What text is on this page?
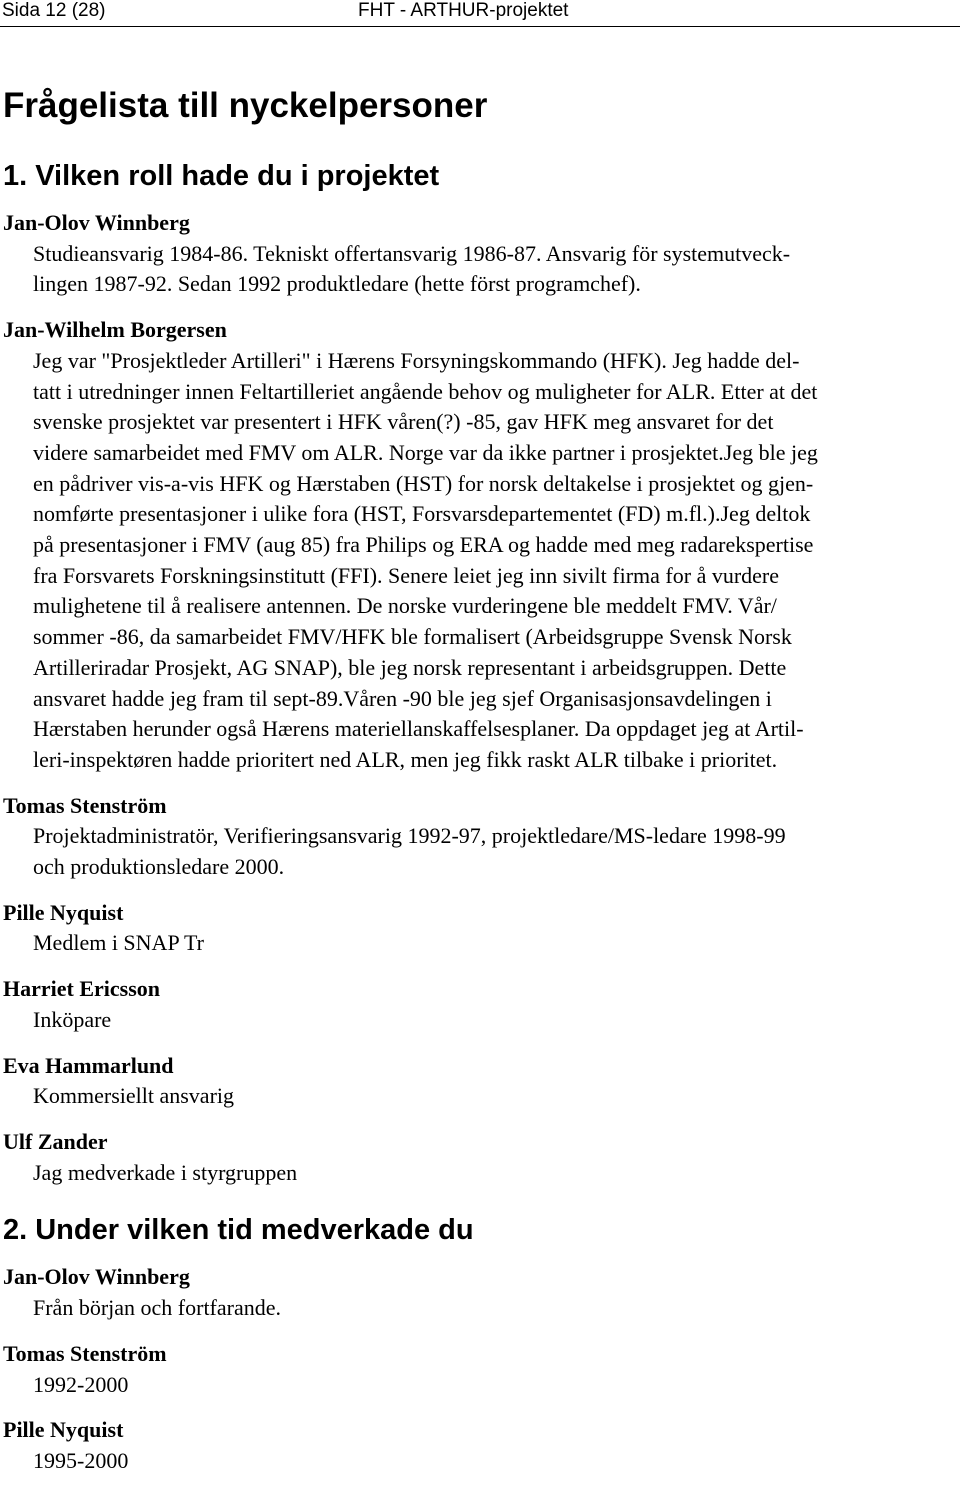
Sida 12 (28)	FHT - ARTHUR-projektet
Frågelista till nyckelpersoner
1. Vilken roll hade du i projektet

Jan-Olov Winnberg

Studieansvarig 1984-86. Tekniskt offertansvarig 1986-87. Ansvarig för systemutveck-
lingen 1987-92. Sedan 1992 produktledare (hette först programchef).

Jan-Wilhelm Borgersen

Jeg var "Prosjektleder Artilleri" i Hærens Forsyningskommando (HFK). Jeg hadde del-
tatt i utredninger innen Feltartilleriet angående behov og muligheter for ALR. Etter at det
svenske prosjektet var presentert i HFK våren(?) -85, gav HFK meg ansvaret for det
videre samarbeidet med FMV om ALR. Norge var da ikke partner i prosjektet.Jeg ble jeg
en pådriver vis-a-vis HFK og Hærstaben (HST) for norsk deltakelse i prosjektet og gjen-
nomførte presentasjoner i ulike fora (HST, Forsvarsdepartementet (FD) m.fl.).Jeg deltok
på presentasjoner i FMV (aug 85) fra Philips og ERA og hadde med meg radarekspertise
fra Forsvarets Forskningsinstitutt (FFI). Senere leiet jeg inn sivilt firma for å vurdere
mulighetene til å realisere antennen. De norske vurderingene ble meddelt FMV. Vår/
sommer -86, da samarbeidet FMV/HFK ble formalisert (Arbeidsgruppe Svensk Norsk
Artilleriradar Prosjekt, AG SNAP), ble jeg norsk representant i arbeidsgruppen. Dette
ansvaret hadde jeg fram til sept-89.Våren -90 ble jeg sjef Organisasjonsavdelingen i
Hærstaben herunder også Hærens materiellanskaffelsesplaner. Da oppdaget jeg at Artil-
leri-inspektøren hadde prioritert ned ALR, men jeg fikk raskt ALR tilbake i prioritet.

Tomas Stenström

Projektadministratör, Verifieringsansvarig 1992-97, projektledare/MS-ledare 1998-99
och produktionsledare 2000.

Pille Nyquist

Medlem i SNAP Tr

Harriet Ericsson

Inköpare

Eva Hammarlund

Kommersiellt ansvarig

Ulf Zander

Jag medverkade i styrgruppen

2. Under vilken tid medverkade du

Jan-Olov Winnberg

Från början och fortfarande.

Tomas Stenström

1992-2000

Pille Nyquist

1995-2000
